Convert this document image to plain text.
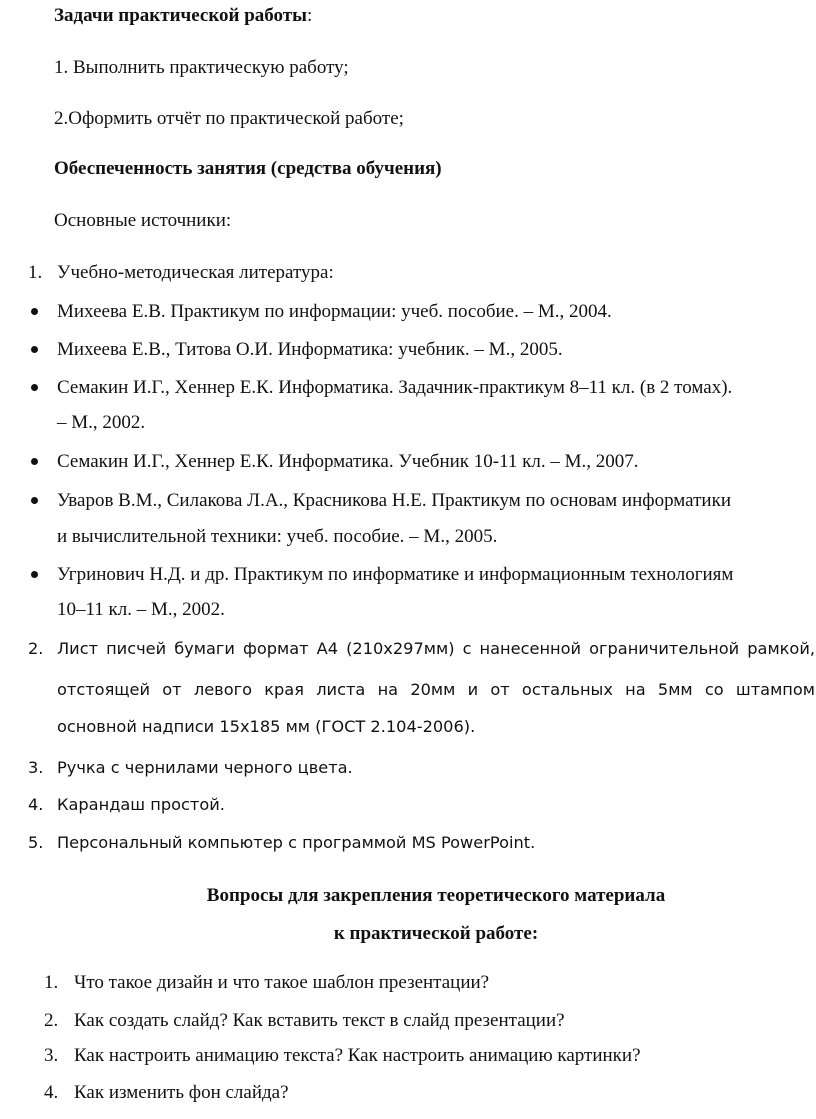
Задачи практической работы:
1. Выполнить практическую работу;
2.Оформить отчёт по практической работе;
Обеспеченность занятия (средства обучения)
Основные источники:
1. Учебно-методическая литература:
Михеева Е.В. Практикум по информации: учеб. пособие. – М., 2004.
Михеева Е.В., Титова О.И. Информатика: учебник. – М., 2005.
Семакин И.Г., Хеннер Е.К. Информатика. Задачник-практикум 8–11 кл. (в 2 томах).
– М., 2002.
Семакин И.Г., Хеннер Е.К. Информатика. Учебник 10-11 кл. – М., 2007.
Уваров В.М., Силакова Л.А., Красникова Н.Е. Практикум по основам информатики
и вычислительной техники: учеб. пособие. – М., 2005.
Угринович Н.Д. и др. Практикум по информатике и информационным технологиям
10–11 кл. – М., 2002.
2. Лист писчей бумаги формат А4 (210х297мм) с нанесенной ограничительной рамкой,
отстоящей от левого края листа на 20мм и от остальных на 5мм со штампом
основной надписи 15х185 мм (ГОСТ 2.104-2006).
3. Ручка с чернилами черного цвета.
4. Карандаш простой.
5. Персональный компьютер с программой MS PowerPoint.
Вопросы для закрепления теоретического материала
к практической работе:
1. Что такое дизайн и что такое шаблон презентации?
2. Как создать слайд? Как вставить текст в слайд презентации?
3. Как настроить анимацию текста? Как настроить анимацию картинки?
4. Как изменить фон слайда?
